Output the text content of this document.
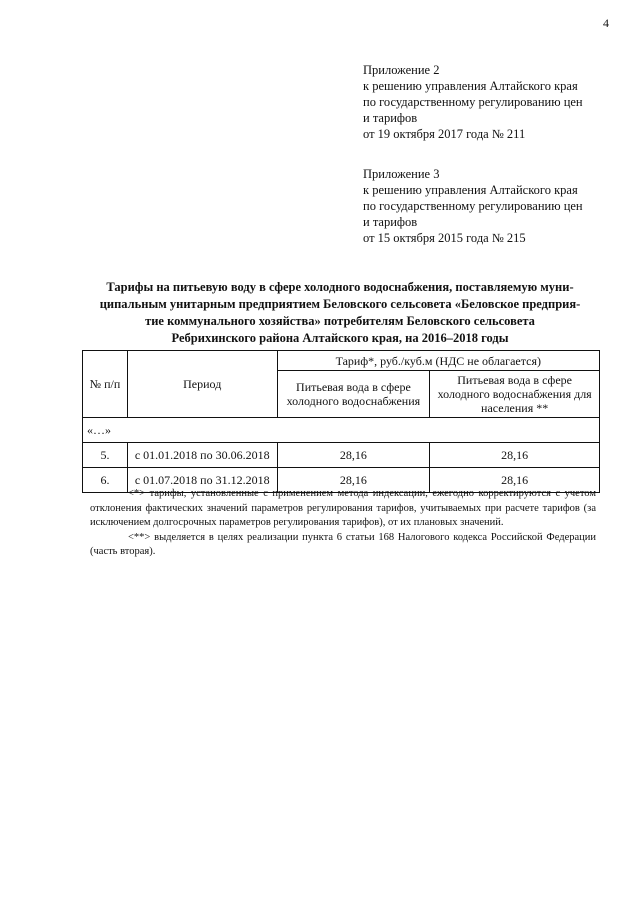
4
Приложение 2
к решению управления Алтайского края
по государственному регулированию цен
и тарифов
от 19 октября 2017 года № 211
Приложение 3
к решению управления Алтайского края
по государственному регулированию цен
и тарифов
от 15 октября 2015 года № 215
Тарифы на питьевую воду в сфере холодного водоснабжения, поставляемую муни-
ципальным унитарным предприятием Беловского сельсовета «Беловское предприя-
тие коммунального хозяйства» потребителям Беловского сельсовета
Ребрихинского района Алтайского края, на 2016–2018 годы
№ п/п	Период	Тариф*, руб./куб.м (НДС не облагается)	
		Питьевая вода в сфере холодного водоснабжения	Питьевая вода в сфере холодного водоснабжения для населения **
«…»			
5.	с 01.01.2018 по 30.06.2018	28,16	28,16
6.	с 01.07.2018 по 31.12.2018	28,16	28,16

<*> тарифы, установленные с применением метода индексации, ежегодно корректируются с учетом отклонения фактических значений параметров регулирования тарифов, учитываемых при расчете тарифов (за исключением долгосрочных параметров регулирования тарифов), от их плановых значений.

<**> выделяется в целях реализации пункта 6 статьи 168 Налогового кодекса Российской Федерации (часть вторая).
